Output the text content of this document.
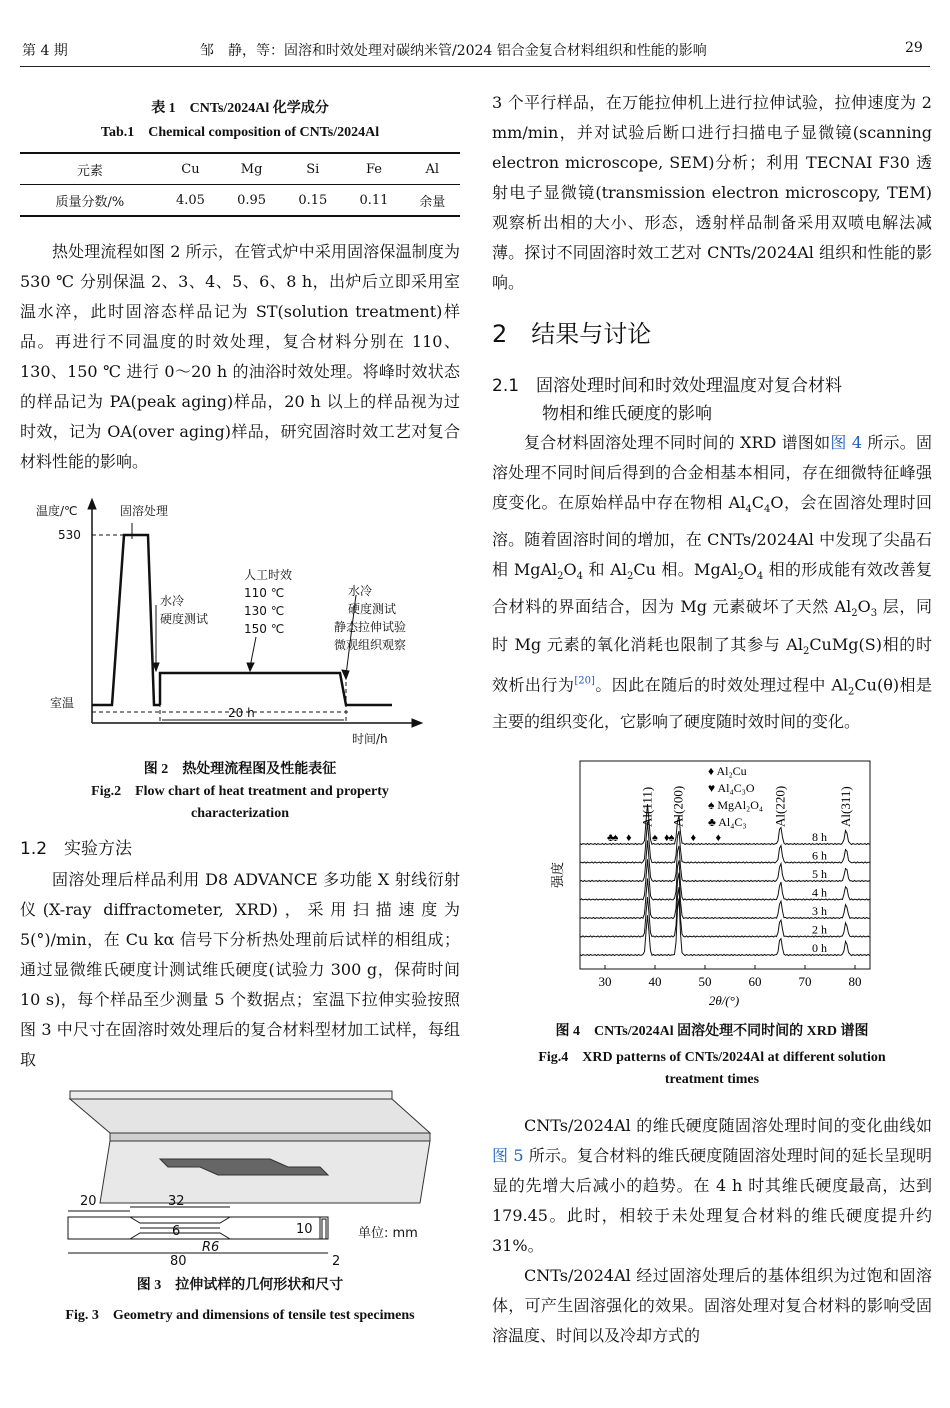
第 4 期	邹　静，等：固溶和时效处理对碳纳米管/2024 铝合金复合材料组织和性能的影响	29
表 1　CNTs/2024Al 化学成分
Tab.1　Chemical composition of CNTs/2024Al
元素	Cu	Mg	Si	Fe	Al
质量分数/%	4.05	0.95	0.15	0.11	余量

热处理流程如图 2 所示，在管式炉中采用固溶保温制度为 530 ℃ 分别保温 2、3、4、5、6、8 h，出炉后立即采用室温水淬，此时固溶态样品记为 ST(solution treatment)样品。再进行不同温度的时效处理，复合材料分别在 110、130、150 ℃ 进行 0～20 h 的油浴时效处理。将峰时效状态的样品记为 PA(peak aging)样品，20 h 以上的样品视为过时效，记为 OA(over aging)样品，研究固溶时效工艺对复合材料性能的影响。

温度/℃
530
室温
固溶处理
水冷
硬度测试
人工时效
110 ℃
130 ℃
150 ℃
水冷
硬度测试
静态拉伸试验
微观组织观察
20 h
时间/h
图 2　热处理流程图及性能表征
Fig.2　Flow chart of heat treatment and property
characterization
1.2　实验方法

固溶处理后样品利用 D8 ADVANCE 多功能 X 射线衍射仪(X-ray diffractometer, XRD)，采用扫描速度为 5(°)/min，在 Cu kα 信号下分析热处理前后试样的相组成；通过显微维氏硬度计测试维氏硬度(试验力 300 g，保荷时间 10 s)，每个样品至少测量 5 个数据点；室温下拉伸实验按照图 3 中尺寸在固溶时效处理后的复合材料型材加工试样，每组取

20	32
6	10
R6
80	2
单位: mm
图 3　拉伸试样的几何形状和尺寸
Fig. 3　Geometry and dimensions of tensile test specimens

3 个平行样品，在万能拉伸机上进行拉伸试验，拉伸速度为 2 mm/min，并对试验后断口进行扫描电子显微镜(scanning electron microscope, SEM)分析；利用 TECNAI F30 透射电子显微镜(transmission electron microscopy, TEM)观察析出相的大小、形态，透射样品制备采用双喷电解法减薄。探讨不同固溶时效工艺对 CNTs/2024Al 组织和性能的影响。

2　结果与讨论
2.1　固溶处理时间和时效处理温度对复合材料
物相和维氏硬度的影响

复合材料固溶处理不同时间的 XRD 谱图如图 4 所示。固溶处理不同时间后得到的合金相基本相同，存在细微特征峰强度变化。在原始样品中存在物相 $Al_4C_4O$，会在固溶处理时回溶。随着固溶时间的增加，在 CNTs/2024Al 中发现了尖晶石相 $MgAl_2O_4$ 和 $Al_2Cu$ 相。$MgAl_2O_4$ 相的形成能有效改善复合材料的界面结合，因为 Mg 元素破坏了天然 $Al_2O_3$ 层，同时 Mg 元素的氧化消耗也限制了其参与 $Al_2CuMg(S)$相的时效析出行为[20]。因此在随后的时效处理过程中 $Al_2Cu(\theta)$相是主要的组织变化，它影响了硬度随时效时间的变化。

0 h
2 h
3 h
4 h
5 h
6 h
8 h
Al(111) Al(200)	Al(220)	Al(311)
♣
♠ ♦ ♠ ♦
♠ ♦ ♦
♦ Al₂Cu
♥ Al₄C₃O
♠ MgAl₂O₄
♣ Al₄C₃
30	40	50	60	70	80
强度
2θ/(°)
图 4　CNTs/2024Al 固溶处理不同时间的 XRD 谱图
Fig.4　XRD patterns of CNTs/2024Al at different solution
treatment times

CNTs/2024Al 的维氏硬度随固溶处理时间的变化曲线如图 5 所示。复合材料的维氏硬度随固溶处理时间的延长呈现明显的先增大后减小的趋势。在 4 h 时其维氏硬度最高，达到 179.45。此时，相较于未处理复合材料的维氏硬度提升约 31%。

CNTs/2024Al 经过固溶处理后的基体组织为过饱和固溶体，可产生固溶强化的效果。固溶处理对复合材料的影响受固溶温度、时间以及冷却方式的
